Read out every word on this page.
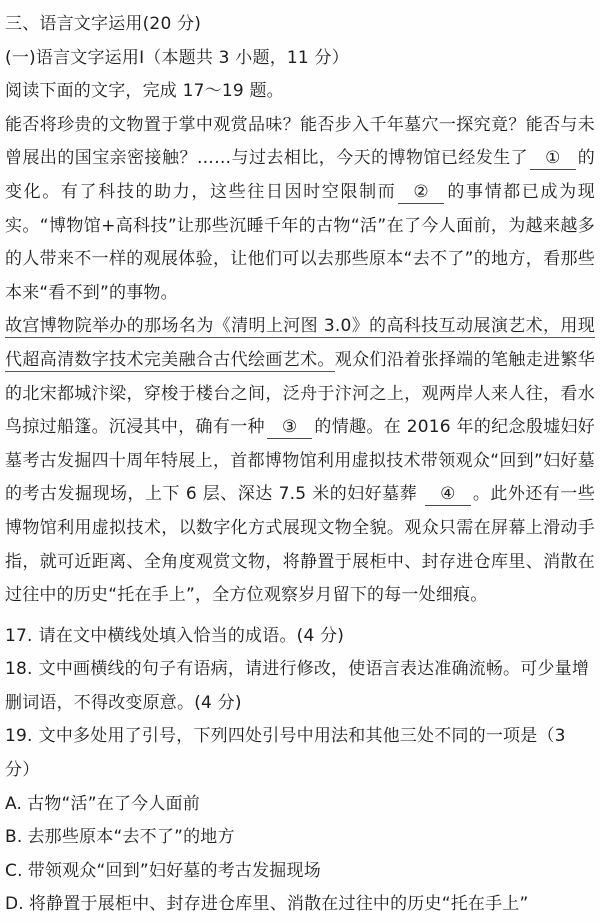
三、语言文字运用(20 分)
(一)语言文字运用Ⅰ（本题共 3 小题，11 分）
阅读下面的文字，完成 17～19 题。

能否将珍贵的文物置于掌中观赏品味？能否步入千年墓穴一探究竟？能否与未曾展出的国宝亲密接触？……与过去相比，今天的博物馆已经发生了 ① 的变化。有了科技的助力，这些往日因时空限制而 ② 的事情都已成为现实。“博物馆+高科技”让那些沉睡千年的古物“活”在了今人面前，为越来越多的人带来不一样的观展体验，让他们可以去那些原本“去不了”的地方，看那些本来“看不到”的事物。

故宫博物院举办的那场名为《清明上河图 3.0》的高科技互动展演艺术，用现代超高清数字技术完美融合古代绘画艺术。观众们沿着张择端的笔触走进繁华的北宋都城汴梁，穿梭于楼台之间，泛舟于汴河之上，观两岸人来人往，看水鸟掠过船篷。沉浸其中，确有一种 ③ 的情趣。在 2016 年的纪念殷墟妇好墓考古发掘四十周年特展上，首都博物馆利用虚拟技术带领观众“回到”妇好墓的考古发掘现场，上下 6 层、深达 7.5 米的妇好墓葬 ④ 。此外还有一些博物馆利用虚拟技术，以数字化方式展现文物全貌。观众只需在屏幕上滑动手指，就可近距离、全角度观赏文物，将静置于展柜中、封存进仓库里、消散在过往中的历史“托在手上”，全方位观察岁月留下的每一处细痕。

17. 请在文中横线处填入恰当的成语。(4 分)
18. 文中画横线的句子有语病，请进行修改，使语言表达准确流畅。可少量增删词语，不得改变原意。(4 分)
19. 文中多处用了引号，下列四处引号中用法和其他三处不同的一项是（3 分）
A. 古物“活”在了今人面前
B. 去那些原本“去不了”的地方
C. 带领观众“回到”妇好墓的考古发掘现场
D. 将静置于展柜中、封存进仓库里、消散在过往中的历史“托在手上”
